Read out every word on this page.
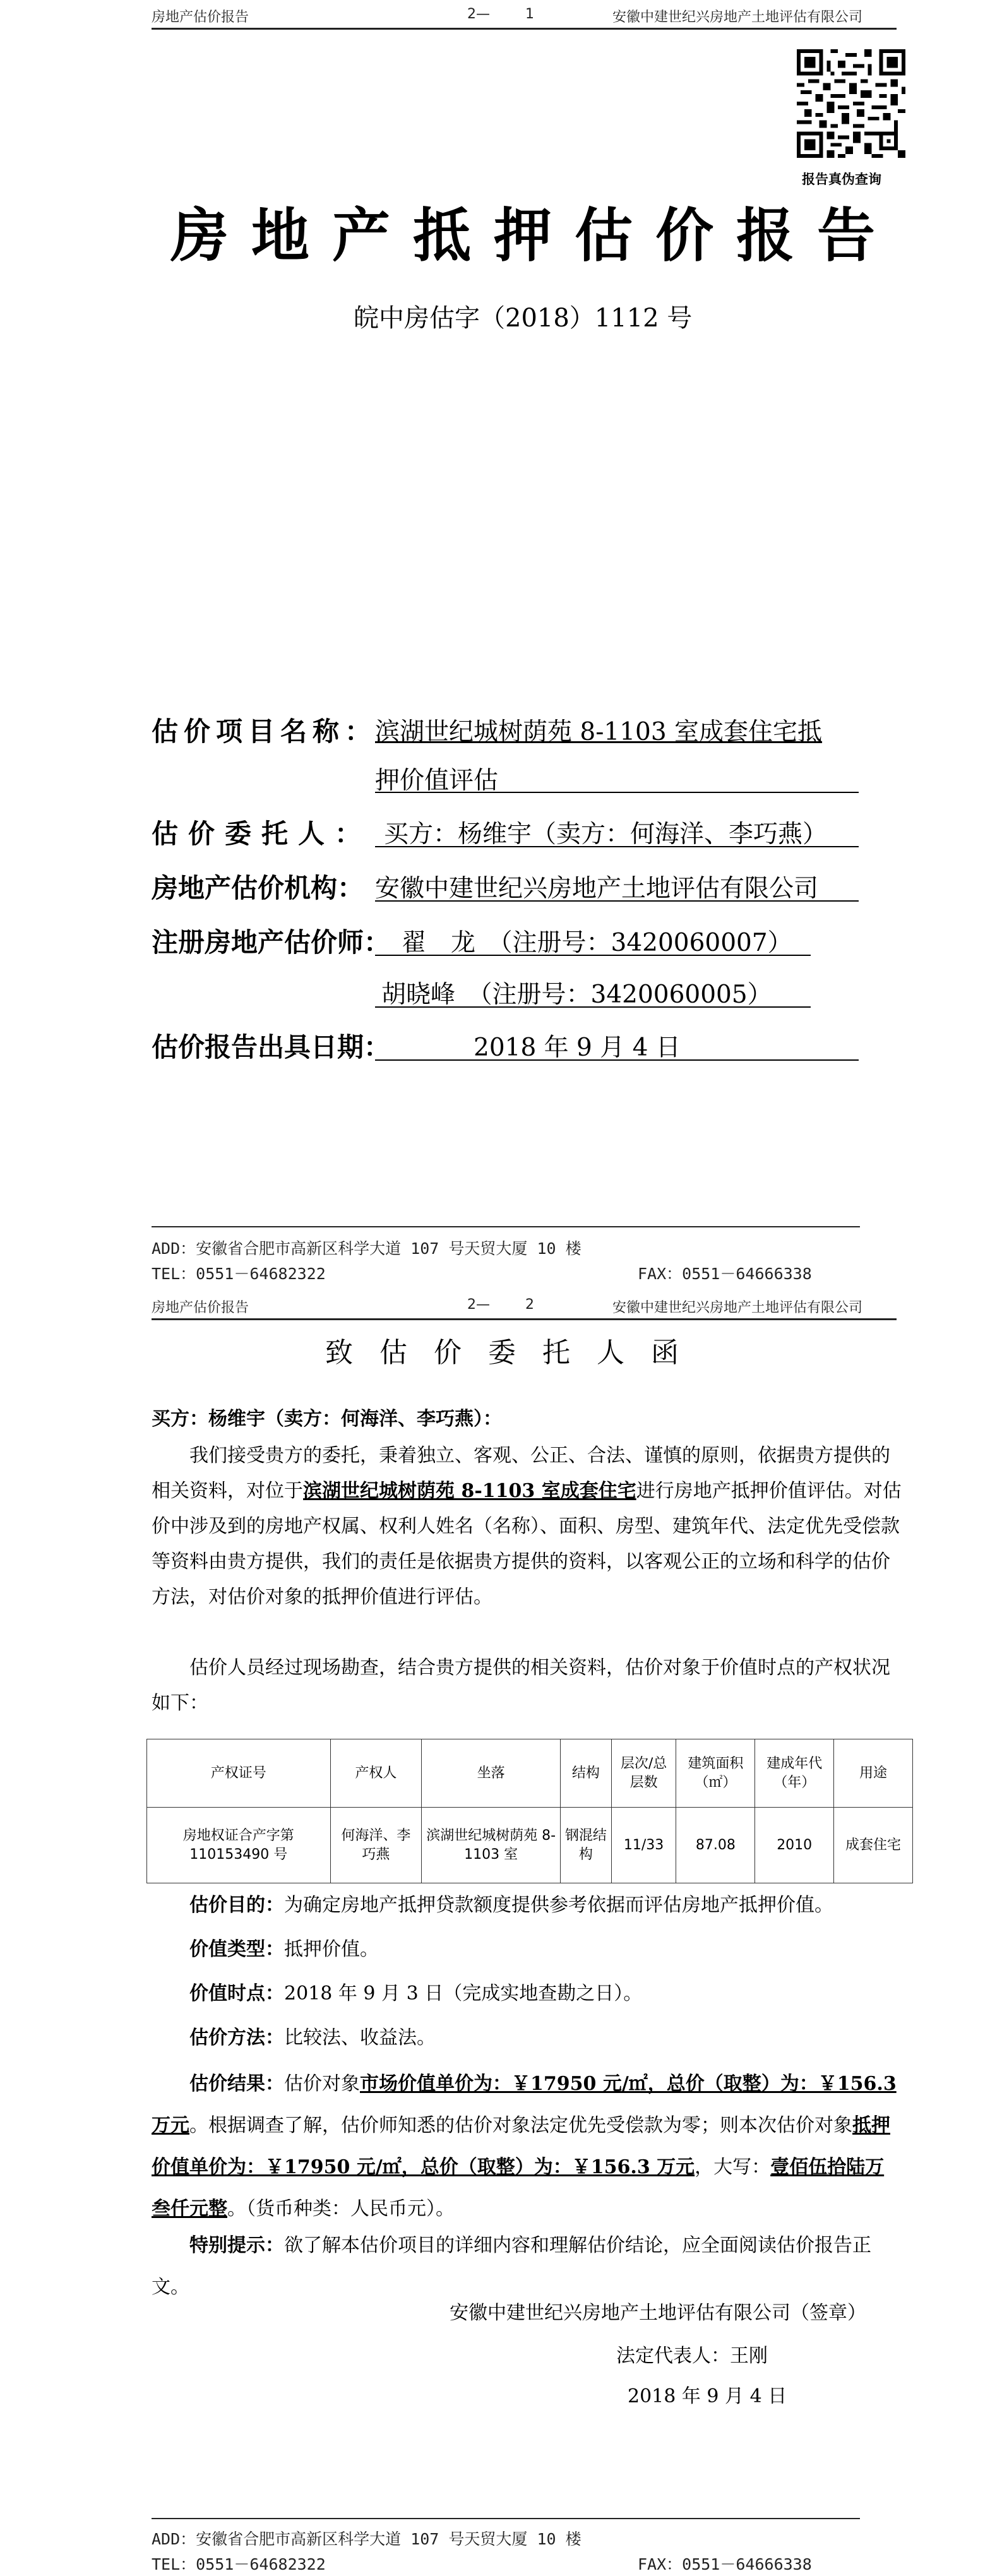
房地产估价报告	2—        1	安徽中建世纪兴房地产土地评估有限公司
报告真伪查询
房地产抵押估价报告
皖中房估字（2018）1112 号
估价项目名称：
滨湖世纪城树荫苑 8-1103 室成套住宅抵
押价值评估
估价委托人： 买方：杨维宇（卖方：何海洋、李巧燕）
房地产估价机构： 安徽中建世纪兴房地产土地评估有限公司
注册房地产估价师： 翟　龙　（注册号：3420060007）
胡晓峰　（注册号：3420060005）
估价报告出具日期：	2018 年 9 月 4 日
ADD：安徽省合肥市高新区科学大道 107 号天贸大厦 10 楼
TEL：0551－64682322	FAX：0551－64666338
房地产估价报告	2—        2	安徽中建世纪兴房地产土地评估有限公司
致估价委托人函
买方：杨维宇（卖方：何海洋、李巧燕）：
我们接受贵方的委托，秉着独立、客观、公正、合法、谨慎的原则，依据贵方提供的相关资料，对位于滨湖世纪城树荫苑 8-1103 室成套住宅进行房地产抵押价值评估。对估价中涉及到的房地产权属、权利人姓名（名称）、面积、房型、建筑年代、法定优先受偿款等资料由贵方提供，我们的责任是依据贵方提供的资料，以客观公正的立场和科学的估价方法，对估价对象的抵押价值进行评估。
估价人员经过现场勘查，结合贵方提供的相关资料，估价对象于价值时点的产权状况如下：
产权证号	产权人	坐落	结构	层次/总层数	建筑面积（㎡）	建成年代（年）	用途
房地权证合产字第 110153490 号	何海洋、李巧燕	滨湖世纪城树荫苑 8-1103 室	钢混结构	11/33	87.08	2010	成套住宅
估价目的：为确定房地产抵押贷款额度提供参考依据而评估房地产抵押价值。
价值类型：抵押价值。
价值时点：2018 年 9 月 3 日（完成实地查勘之日）。
估价方法：比较法、收益法。
估价结果：估价对象市场价值单价为：￥17950 元/㎡，总价（取整）为：￥156.3 万元。根据调查了解，估价师知悉的估价对象法定优先受偿款为零；则本次估价对象抵押价值单价为：￥17950 元/㎡，总价（取整）为：￥156.3 万元，大写：壹佰伍拾陆万叁仟元整。（货币种类：人民币元）。
特别提示：欲了解本估价项目的详细内容和理解估价结论，应全面阅读估价报告正文。
安徽中建世纪兴房地产土地评估有限公司（签章）
法定代表人：王刚
2018 年 9 月 4 日
ADD：安徽省合肥市高新区科学大道 107 号天贸大厦 10 楼
TEL：0551－64682322	FAX：0551－64666338
